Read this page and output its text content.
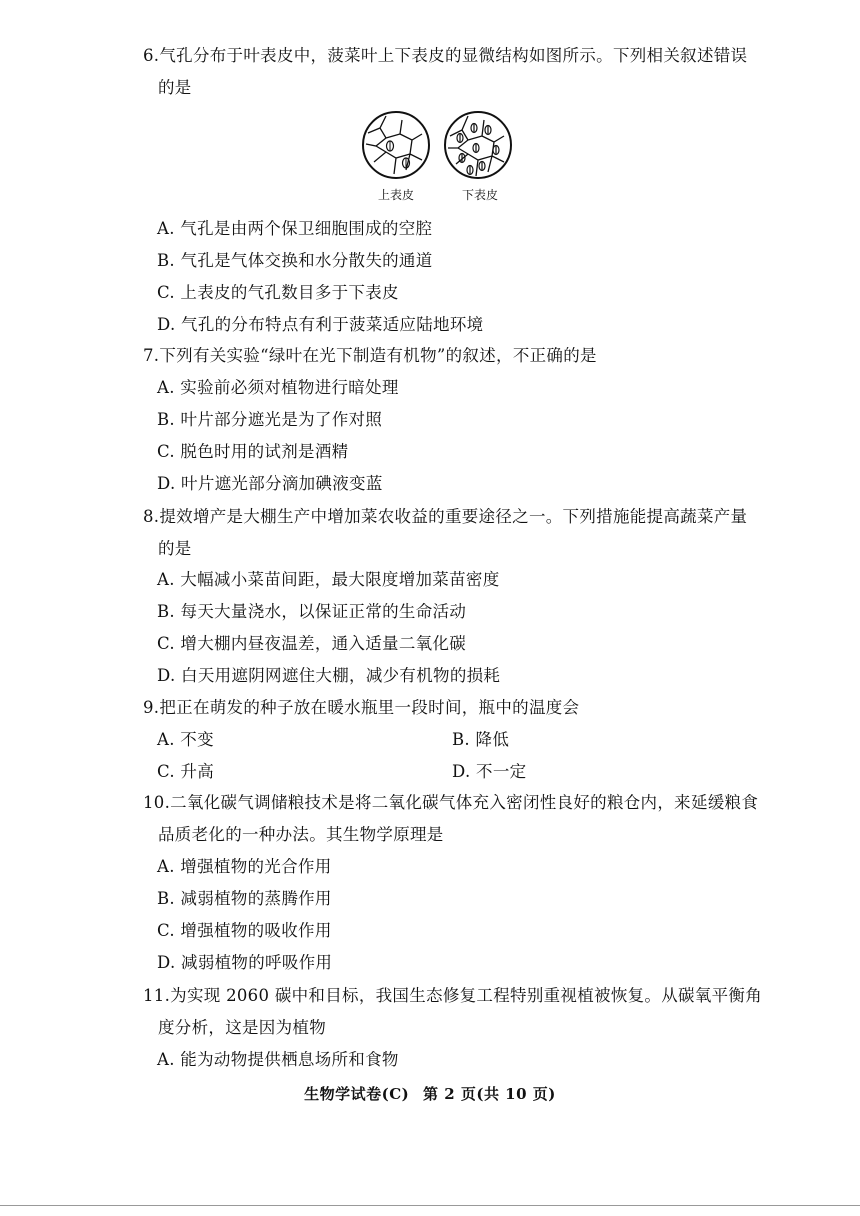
6.气孔分布于叶表皮中，菠菜叶上下表皮的显微结构如图所示。下列相关叙述错误
的是
上表皮	下表皮
A. 气孔是由两个保卫细胞围成的空腔
B. 气孔是气体交换和水分散失的通道
C. 上表皮的气孔数目多于下表皮
D. 气孔的分布特点有利于菠菜适应陆地环境
7.下列有关实验“绿叶在光下制造有机物”的叙述，不正确的是
A. 实验前必须对植物进行暗处理
B. 叶片部分遮光是为了作对照
C. 脱色时用的试剂是酒精
D. 叶片遮光部分滴加碘液变蓝
8.提效增产是大棚生产中增加菜农收益的重要途径之一。下列措施能提高蔬菜产量
的是
A. 大幅减小菜苗间距，最大限度增加菜苗密度
B. 每天大量浇水，以保证正常的生命活动
C. 增大棚内昼夜温差，通入适量二氧化碳
D. 白天用遮阴网遮住大棚，减少有机物的损耗
9.把正在萌发的种子放在暖水瓶里一段时间，瓶中的温度会
A. 不变	B. 降低
C. 升高	D. 不一定
10.二氧化碳气调储粮技术是将二氧化碳气体充入密闭性良好的粮仓内，来延缓粮食
品质老化的一种办法。其生物学原理是
A. 增强植物的光合作用
B. 减弱植物的蒸腾作用
C. 增强植物的吸收作用
D. 减弱植物的呼吸作用
11.为实现 2060 碳中和目标，我国生态修复工程特别重视植被恢复。从碳氧平衡角
度分析，这是因为植物
A. 能为动物提供栖息场所和食物
生物学试卷(C) 第 2 页(共 10 页)
